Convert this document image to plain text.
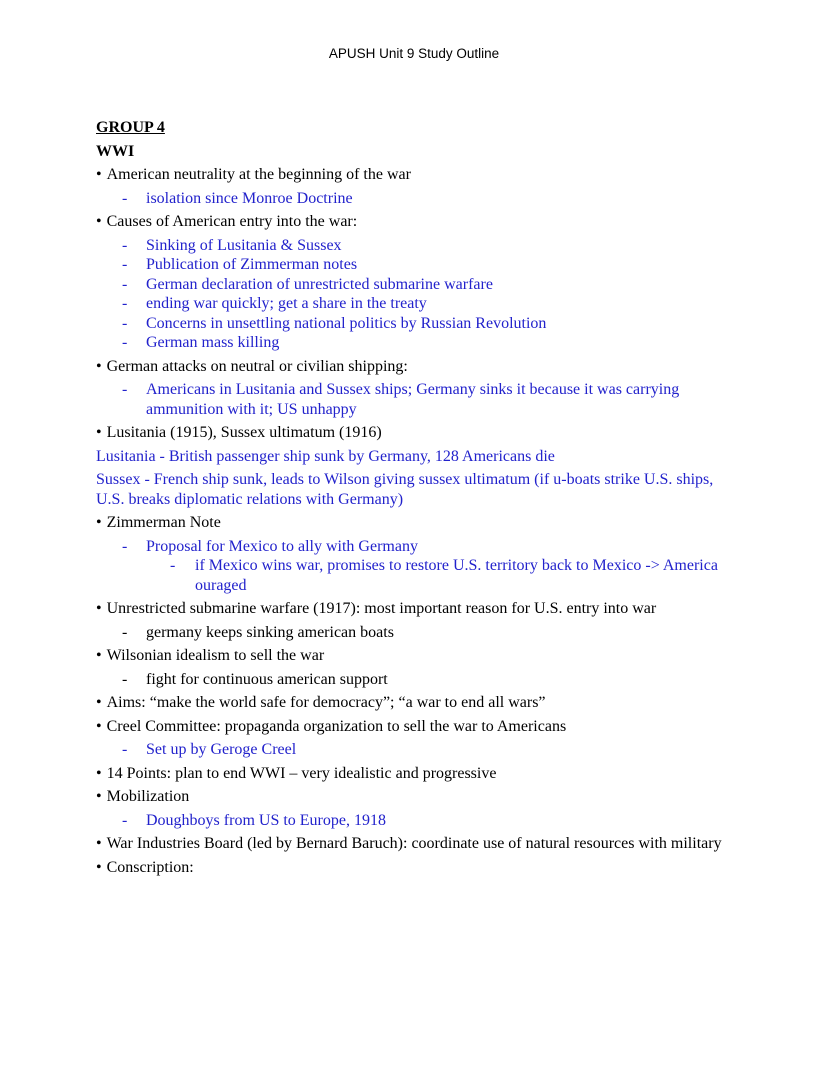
APUSH Unit 9 Study Outline
GROUP 4
WWI
• American neutrality at the beginning of the war
-	isolation since Monroe Doctrine
• Causes of American entry into the war:
-	Sinking of Lusitania & Sussex
-	Publication of Zimmerman notes
-	German declaration of unrestricted submarine warfare
-	ending war quickly; get a share in the treaty
-	Concerns in unsettling national politics by Russian Revolution
-	German mass killing
• German attacks on neutral or civilian shipping:
-	Americans in Lusitania and Sussex ships; Germany sinks it because it was carrying ammunition with it; US unhappy
• Lusitania (1915), Sussex ultimatum (1916)
Lusitania - British passenger ship sunk by Germany, 128 Americans die
Sussex - French ship sunk, leads to Wilson giving sussex ultimatum (if u-boats strike U.S. ships, U.S. breaks diplomatic relations with Germany)
• Zimmerman Note
-	Proposal for Mexico to ally with Germany
-	if Mexico wins war, promises to restore U.S. territory back to Mexico -> America ouraged
• Unrestricted submarine warfare (1917): most important reason for U.S. entry into war
-	germany keeps sinking american boats
• Wilsonian idealism to sell the war
-	fight for continuous american support
• Aims: “make the world safe for democracy”; “a war to end all wars”
• Creel Committee: propaganda organization to sell the war to Americans
-	Set up by Geroge Creel
• 14 Points: plan to end WWI – very idealistic and progressive
• Mobilization
-	Doughboys from US to Europe, 1918
• War Industries Board (led by Bernard Baruch): coordinate use of natural resources with military
• Conscription:
